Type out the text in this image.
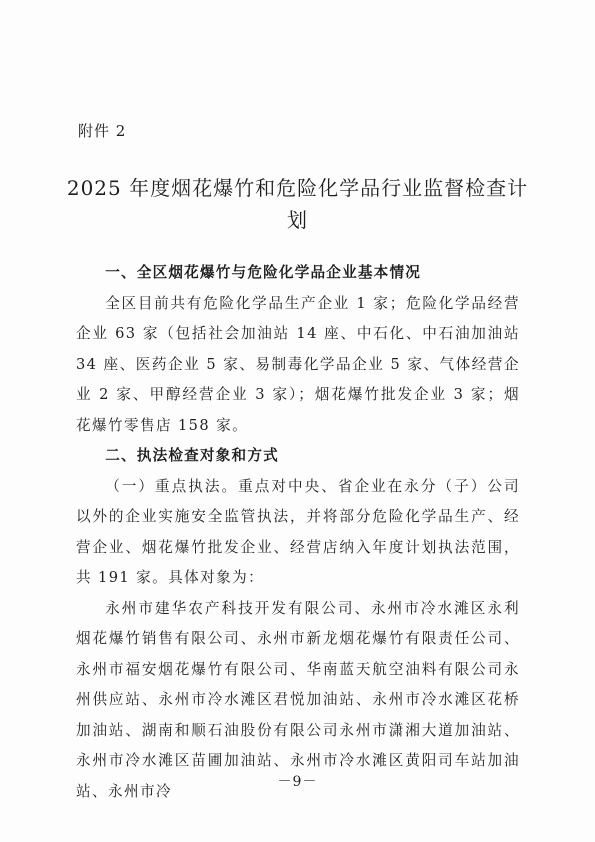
附件 2
2025 年度烟花爆竹和危险化学品行业监督检查计划

一、全区烟花爆竹与危险化学品企业基本情况

全区目前共有危险化学品生产企业 1 家；危险化学品经营企业 63 家（包括社会加油站 14 座、中石化、中石油加油站 34 座、医药企业 5 家、易制毒化学品企业 5 家、气体经营企业 2 家、甲醇经营企业 3 家）；烟花爆竹批发企业 3 家；烟花爆竹零售店 158 家。

二、执法检查对象和方式

（一）重点执法。重点对中央、省企业在永分（子）公司以外的企业实施安全监管执法，并将部分危险化学品生产、经营企业、烟花爆竹批发企业、经营店纳入年度计划执法范围，共 191 家。具体对象为：

永州市建华农产科技开发有限公司、永州市冷水滩区永利烟花爆竹销售有限公司、永州市新龙烟花爆竹有限责任公司、永州市福安烟花爆竹有限公司、华南蓝天航空油料有限公司永州供应站、永州市冷水滩区君悦加油站、永州市冷水滩区花桥加油站、湖南和顺石油股份有限公司永州市潇湘大道加油站、永州市冷水滩区苗圃加油站、永州市冷水滩区黄阳司车站加油站、永州市冷

－9－
